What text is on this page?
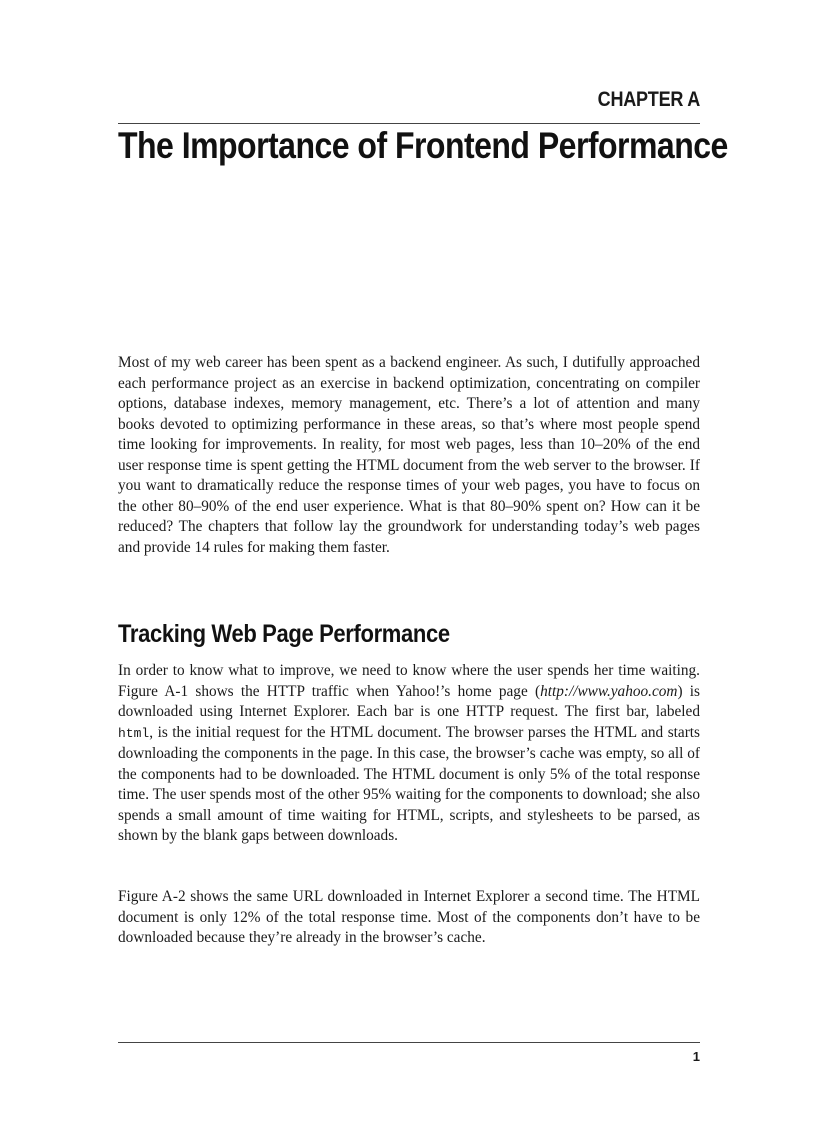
CHAPTER A
The Importance of Frontend Performance

Most of my web career has been spent as a backend engineer. As such, I dutifully approached each performance project as an exercise in backend optimization, concentrating on compiler options, database indexes, memory management, etc. There’s a lot of attention and many books devoted to optimizing performance in these areas, so that’s where most people spend time looking for improvements. In reality, for most web pages, less than 10–20% of the end user response time is spent getting the HTML document from the web server to the browser. If you want to dramatically reduce the response times of your web pages, you have to focus on the other 80–90% of the end user experience. What is that 80–90% spent on? How can it be reduced? The chapters that follow lay the groundwork for understanding today’s web pages and provide 14 rules for making them faster.

Tracking Web Page Performance

In order to know what to improve, we need to know where the user spends her time waiting. Figure A-1 shows the HTTP traffic when Yahoo!’s home page (http://www.​yahoo.com) is downloaded using Internet Explorer. Each bar is one HTTP request. The first bar, labeled html, is the initial request for the HTML document. The browser parses the HTML and starts downloading the components in the page. In this case, the browser’s cache was empty, so all of the components had to be downloaded. The HTML document is only 5% of the total response time. The user spends most of the other 95% waiting for the components to download; she also spends a small amount of time waiting for HTML, scripts, and stylesheets to be parsed, as shown by the blank gaps between downloads.

Figure A-2 shows the same URL downloaded in Internet Explorer a second time. The HTML document is only 12% of the total response time. Most of the components don’t have to be downloaded because they’re already in the browser’s cache.

1
